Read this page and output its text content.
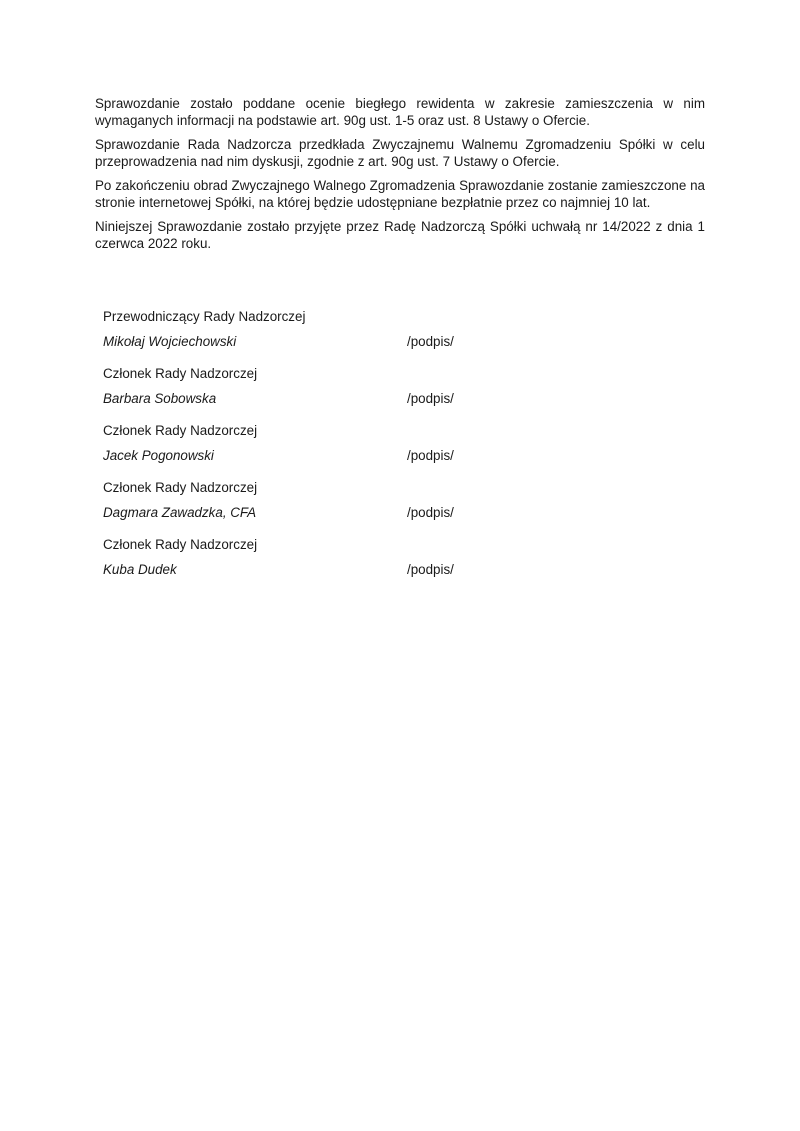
Sprawozdanie zostało poddane ocenie biegłego rewidenta w zakresie zamieszczenia w nim wymaganych informacji na podstawie art. 90g ust. 1-5 oraz ust. 8 Ustawy o Ofercie.

Sprawozdanie Rada Nadzorcza przedkłada Zwyczajnemu Walnemu Zgromadzeniu Spółki w celu przeprowadzenia nad nim dyskusji, zgodnie z art. 90g ust. 7 Ustawy o Ofercie.

Po zakończeniu obrad Zwyczajnego Walnego Zgromadzenia Sprawozdanie zostanie zamieszczone na stronie internetowej Spółki, na której będzie udostępniane bezpłatnie przez co najmniej 10 lat.

Niniejszej Sprawozdanie zostało przyjęte przez Radę Nadzorczą Spółki uchwałą nr 14/2022 z dnia 1 czerwca 2022 roku.

Przewodniczący Rady Nadzorczej
Mikołaj Wojciechowski	/podpis/
Członek Rady Nadzorczej
Barbara Sobowska	/podpis/
Członek Rady Nadzorczej
Jacek Pogonowski	/podpis/
Członek Rady Nadzorczej
Dagmara Zawadzka, CFA	/podpis/
Członek Rady Nadzorczej
Kuba Dudek	/podpis/
